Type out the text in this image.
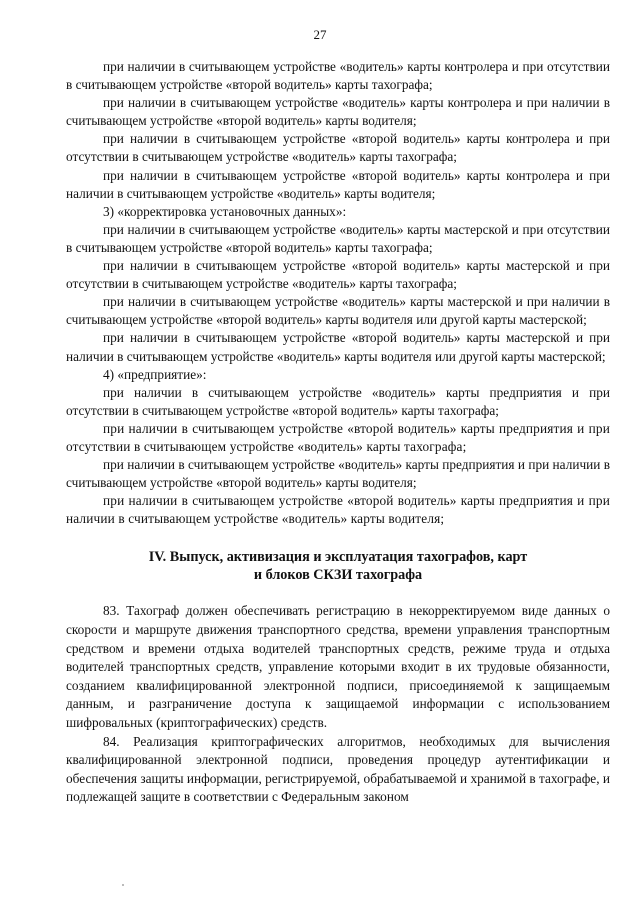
27

при наличии в считывающем устройстве «водитель» карты контролера и при отсутствии в считывающем устройстве «второй водитель» карты тахографа;

при наличии в считывающем устройстве «водитель» карты контролера и при наличии в считывающем устройстве «второй водитель» карты водителя;

при наличии в считывающем устройстве «второй водитель» карты контролера и при отсутствии в считывающем устройстве «водитель» карты тахографа;

при наличии в считывающем устройстве «второй водитель» карты контролера и при наличии в считывающем устройстве «водитель» карты водителя;

3) «корректировка установочных данных»:

при наличии в считывающем устройстве «водитель» карты мастерской и при отсутствии в считывающем устройстве «второй водитель» карты тахографа;

при наличии в считывающем устройстве «второй водитель» карты мастерской и при отсутствии в считывающем устройстве «водитель» карты тахографа;

при наличии в считывающем устройстве «водитель» карты мастерской и при наличии в считывающем устройстве «второй водитель» карты водителя или другой карты мастерской;

при наличии в считывающем устройстве «второй водитель» карты мастерской и при наличии в считывающем устройстве «водитель» карты водителя или другой карты мастерской;

4) «предприятие»:

при наличии в считывающем устройстве «водитель» карты предприятия и при отсутствии в считывающем устройстве «второй водитель» карты тахографа;

при наличии в считывающем устройстве «второй водитель» карты предприятия и при отсутствии в считывающем устройстве «водитель» карты тахографа;

при наличии в считывающем устройстве «водитель» карты предприятия и при наличии в считывающем устройстве «второй водитель» карты водителя;

при наличии в считывающем устройстве «второй водитель» карты предприятия и при наличии в считывающем устройстве «водитель» карты водителя;

IV. Выпуск, активизация и эксплуатация тахографов, карт
и блоков СКЗИ тахографа

83. Тахограф должен обеспечивать регистрацию в некорректируемом виде данных о скорости и маршруте движения транспортного средства, времени управления транспортным средством и времени отдыха водителей транспортных средств, режиме труда и отдыха водителей транспортных средств, управление которыми входит в их трудовые обязанности, созданием квалифицированной электронной подписи, присоединяемой к защищаемым данным, и разграничение доступа к защищаемой информации с использованием шифровальных (криптографических) средств.

84. Реализация криптографических алгоритмов, необходимых для вычисления квалифицированной электронной подписи, проведения процедур аутентификации и обеспечения защиты информации, регистрируемой, обрабатываемой и хранимой в тахографе, и подлежащей защите в соответствии с Федеральным законом
